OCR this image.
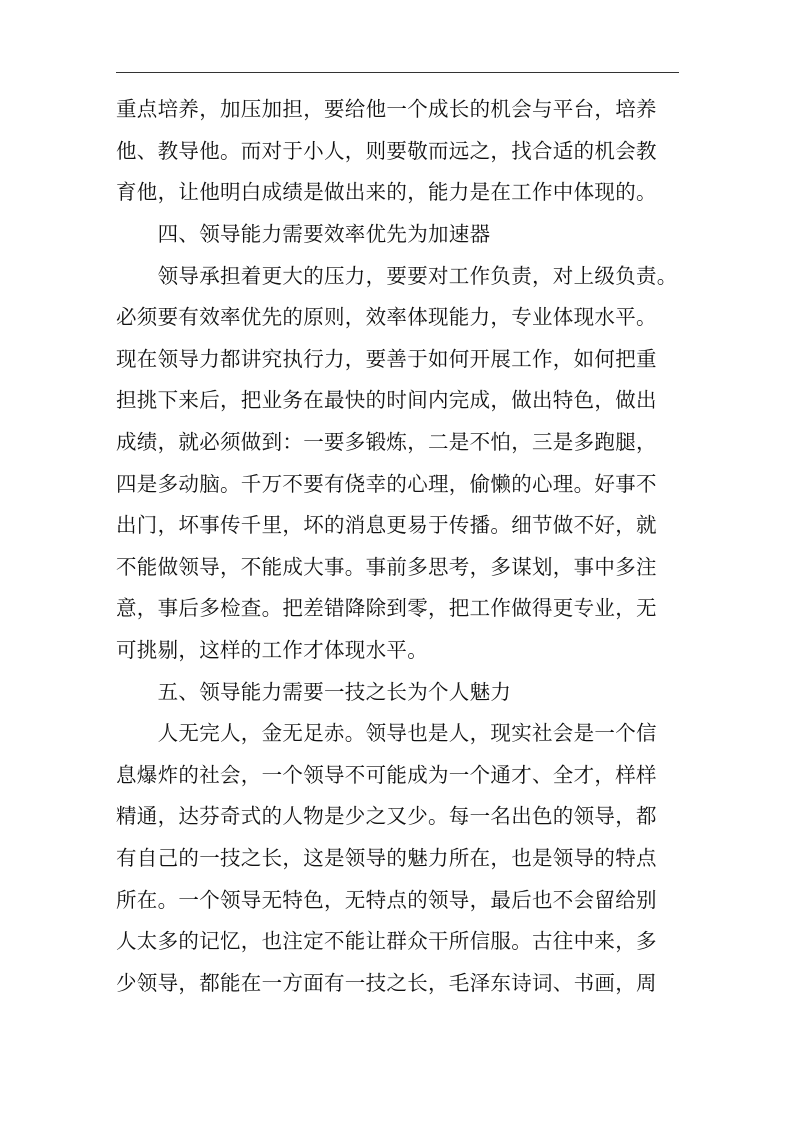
重点培养，加压加担，要给他一个成长的机会与平台，培养
他、教导他。而对于小人，则要敬而远之，找合适的机会教
育他，让他明白成绩是做出来的，能力是在工作中体现的。
　　四、领导能力需要效率优先为加速器
　　领导承担着更大的压力，要要对工作负责，对上级负责。
必须要有效率优先的原则，效率体现能力，专业体现水平。
现在领导力都讲究执行力，要善于如何开展工作，如何把重
担挑下来后，把业务在最快的时间内完成，做出特色，做出
成绩，就必须做到：一要多锻炼，二是不怕，三是多跑腿，
四是多动脑。千万不要有侥幸的心理，偷懒的心理。好事不
出门，坏事传千里，坏的消息更易于传播。细节做不好，就
不能做领导，不能成大事。事前多思考，多谋划，事中多注
意，事后多检查。把差错降除到零，把工作做得更专业，无
可挑剔，这样的工作才体现水平。
　　五、领导能力需要一技之长为个人魅力
　　人无完人，金无足赤。领导也是人，现实社会是一个信
息爆炸的社会，一个领导不可能成为一个通才、全才，样样
精通，达芬奇式的人物是少之又少。每一名出色的领导，都
有自己的一技之长，这是领导的魅力所在，也是领导的特点
所在。一个领导无特色，无特点的领导，最后也不会留给别
人太多的记忆，也注定不能让群众干所信服。古往中来，多
少领导，都能在一方面有一技之长，毛泽东诗词、书画，周
